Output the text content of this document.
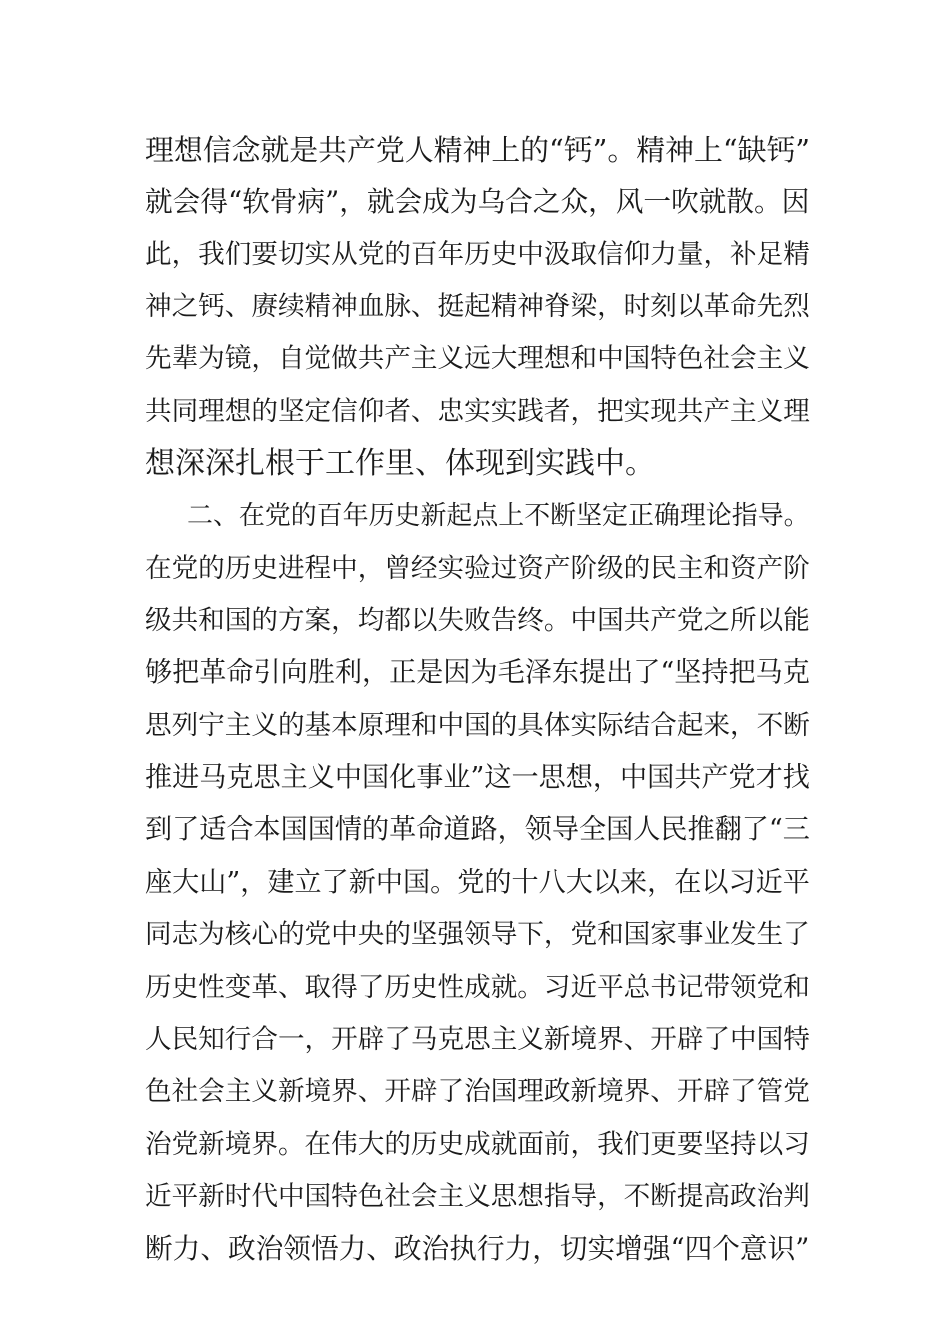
理想信念就是共产党人精神上的“钙”。精神上“缺钙”
就会得“软骨病”，就会成为乌合之众，风一吹就散。因
此，我们要切实从党的百年历史中汲取信仰力量，补足精
神之钙、赓续精神血脉、挺起精神脊梁，时刻以革命先烈
先辈为镜，自觉做共产主义远大理想和中国特色社会主义
共同理想的坚定信仰者、忠实实践者，把实现共产主义理
想深深扎根于工作里、体现到实践中。
二、在党的百年历史新起点上不断坚定正确理论指导。
在党的历史进程中，曾经实验过资产阶级的民主和资产阶
级共和国的方案，均都以失败告终。中国共产党之所以能
够把革命引向胜利，正是因为毛泽东提出了“坚持把马克
思列宁主义的基本原理和中国的具体实际结合起来，不断
推进马克思主义中国化事业”这一思想，中国共产党才找
到了适合本国国情的革命道路，领导全国人民推翻了“三
座大山”，建立了新中国。党的十八大以来，在以习近平
同志为核心的党中央的坚强领导下，党和国家事业发生了
历史性变革、取得了历史性成就。习近平总书记带领党和
人民知行合一，开辟了马克思主义新境界、开辟了中国特
色社会主义新境界、开辟了治国理政新境界、开辟了管党
治党新境界。在伟大的历史成就面前，我们更要坚持以习
近平新时代中国特色社会主义思想指导，不断提高政治判
断力、政治领悟力、政治执行力，切实增强“四个意识”
